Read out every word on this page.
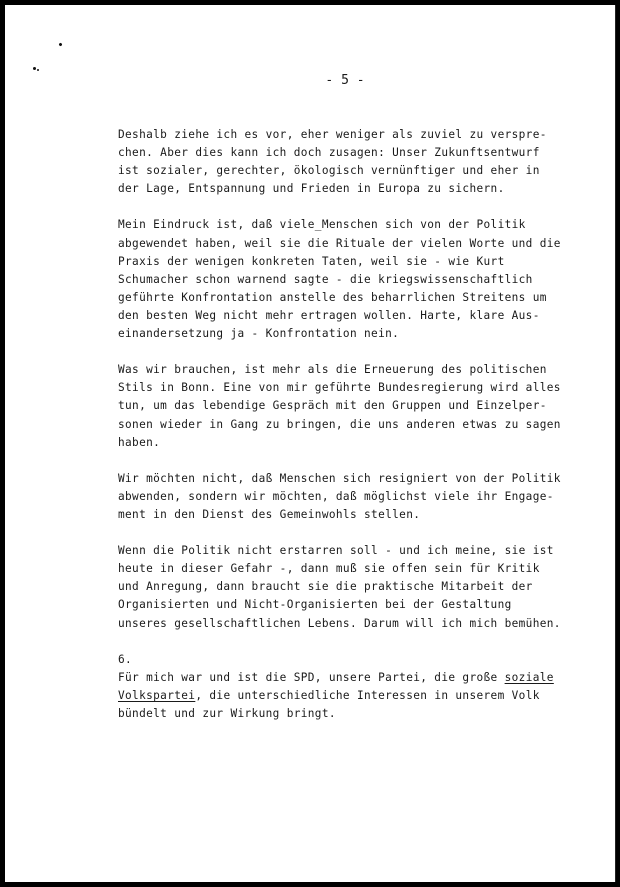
- 5 -
Deshalb ziehe ich es vor, eher weniger als zuviel zu verspre-
chen. Aber dies kann ich doch zusagen: Unser Zukunftsentwurf
ist sozialer, gerechter, ökologisch vernünftiger und eher in
der Lage, Entspannung und Frieden in Europa zu sichern.
Mein Eindruck ist, daß viele_Menschen sich von der Politik
abgewendet haben, weil sie die Rituale der vielen Worte und die
Praxis der wenigen konkreten Taten, weil sie - wie Kurt
Schumacher schon warnend sagte - die kriegswissenschaftlich
geführte Konfrontation anstelle des beharrlichen Streitens um
den besten Weg nicht mehr ertragen wollen. Harte, klare Aus-
einandersetzung ja - Konfrontation nein.
Was wir brauchen, ist mehr als die Erneuerung des politischen
Stils in Bonn. Eine von mir geführte Bundesregierung wird alles
tun, um das lebendige Gespräch mit den Gruppen und Einzelper-
sonen wieder in Gang zu bringen, die uns anderen etwas zu sagen
haben.
Wir möchten nicht, daß Menschen sich resigniert von der Politik
abwenden, sondern wir möchten, daß möglichst viele ihr Engage-
ment in den Dienst des Gemeinwohls stellen.
Wenn die Politik nicht erstarren soll - und ich meine, sie ist
heute in dieser Gefahr -, dann muß sie offen sein für Kritik
und Anregung, dann braucht sie die praktische Mitarbeit der
Organisierten und Nicht-Organisierten bei der Gestaltung
unseres gesellschaftlichen Lebens. Darum will ich mich bemühen.
6.
Für mich war und ist die SPD, unsere Partei, die große soziale
Volkspartei, die unterschiedliche Interessen in unserem Volk
bündelt und zur Wirkung bringt.
